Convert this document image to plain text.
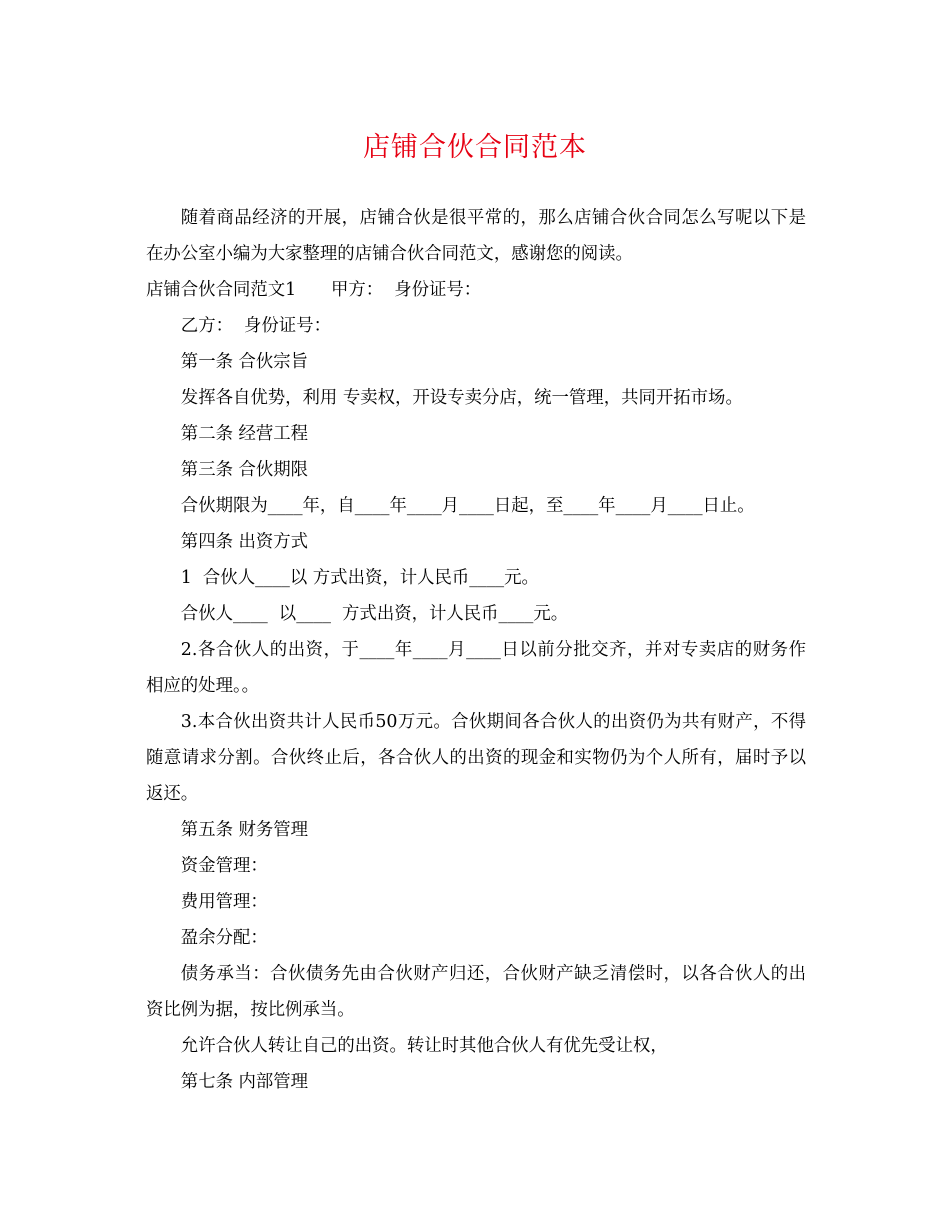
店铺合伙合同范本

随着商品经济的开展，店铺合伙是很平常的，那么店铺合伙合同怎么写呢以下是在办公室小编为大家整理的店铺合伙合同范文，感谢您的阅读。

店铺合伙合同范文1 甲方：  身份证号：

乙方：  身份证号：

第一条 合伙宗旨

发挥各自优势，利用 专卖权，开设专卖分店，统一管理，共同开拓市场。

第二条 经营工程

第三条 合伙期限

合伙期限为____年，自____年____月____日起，至____年____月____日止。

第四条 出资方式

1  合伙人____以 方式出资，计人民币____元。

合伙人____  以____  方式出资，计人民币____元。

2.各合伙人的出资，于____年____月____日以前分批交齐，并对专卖店的财务作相应的处理。。

3.本合伙出资共计人民币50万元。合伙期间各合伙人的出资仍为共有财产，不得随意请求分割。合伙终止后，各合伙人的出资的现金和实物仍为个人所有，届时予以返还。

第五条 财务管理

资金管理：

费用管理：

盈余分配：

债务承当：合伙债务先由合伙财产归还，合伙财产缺乏清偿时，以各合伙人的出资比例为据，按比例承当。

允许合伙人转让自己的出资。转让时其他合伙人有优先受让权，

第七条 内部管理
